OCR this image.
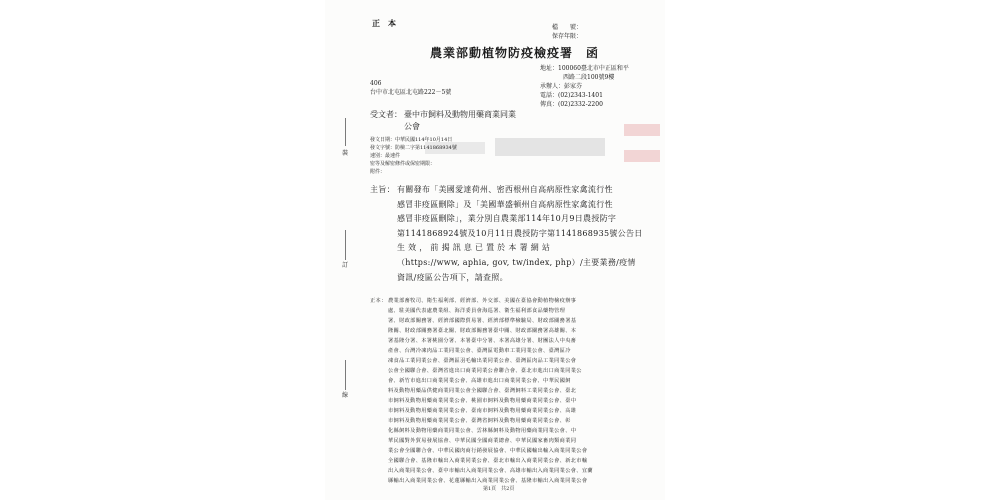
裝
訂
線
正　本	檔　　號：
保存年限：
農業部動植物防疫檢疫署　函
地址：100060臺北市中正區和平
西路二段100號9樓
承辦人：彭家芬
電話：(02)2343-1401
傳真：(02)2332-2200
406
台中市北屯區北屯路222－5號
受文者： 臺中市飼料及動物用藥商業同業
公會
發文日期：中華民國114年10月14日
發文字號：防檢二字第1141868934號
速別：最速件
密等及解密條件或保密期限：
附件：
主旨： 有關發布「美國愛達荷州、密西根州自高病原性家禽流行性
感冒非疫區刪除」及「美國華盛頓州自高病原性家禽流行性
感冒非疫區刪除」，業分別自農業部114年10月9日農授防字
第1141868924號及10月11日農授防字第1141868935號公告日
生 效 ， 前 揭 訊 息 已 置 於 本 署 網 站
（https://www, aphia, gov, tw/index, php）/主要業務/疫情
資訊/疫區公告項下，請查照。
正本： 農業部畜牧司、衛生福利部、經濟部、外交部、美國在臺協會動植物檢疫辦事
處、駐美國代表處農業組、海洋委員會海巡署、衛生福利部食品藥物管理
署、財政部關務署、經濟部國際貿易署、經濟部標準檢驗局、財政部關務署基
隆關、財政部關務署臺北關、財政部關務署臺中關、財政部關務署高雄關、本
署基隆分署、本署桃園分署、本署臺中分署、本署高雄分署、財團法人中央畜
產會、台灣冷凍肉品工業同業公會、臺灣區電動車工業同業公會、臺灣區冷
凍食品工業同業公會、臺灣區羽毛輸出業同業公會、臺灣區肉品工業同業公會
公會全國聯合會、臺灣省進出口商業同業公會聯合會、臺北市進出口商業同業公
會、新竹市進出口商業同業公會、高雄市進出口商業同業公會、中華民國飼
料及動物用藥品供健商業同業公會全國聯合會、臺灣飼料工業同業公會、臺北
市飼料及動物用藥商業同業公會、桃園市飼料及動物用藥商業同業公會、臺中
市飼料及動物用藥商業同業公會、臺南市飼料及動物用藥商業同業公會、高雄
市飼料及動物用藥商業同業公會、臺灣省飼料及動物用藥商業同業公會、彰
化縣飼料及動物用藥商業同業公會、雲林縣飼料及動物用藥商業同業公會、中
華民國對外貿易發展協會、中華民國全國商業總會、中華民國家畜肉類商業同
業公會全國聯合會、中華民國肉商行銷發展協會、中華民國輸出輸入商業同業公會
全國聯合會、基隆市輸出入商業同業公會、臺北市輸出入商業同業公會、新北市輸
出入商業同業公會、臺中市輸出入商業同業公會、高雄市輸出入商業同業公會、宜蘭
縣輸出入商業同業公會、花蓮縣輸出入商業同業公會、基隆市輸出入商業同業公會
第1頁　共2頁
